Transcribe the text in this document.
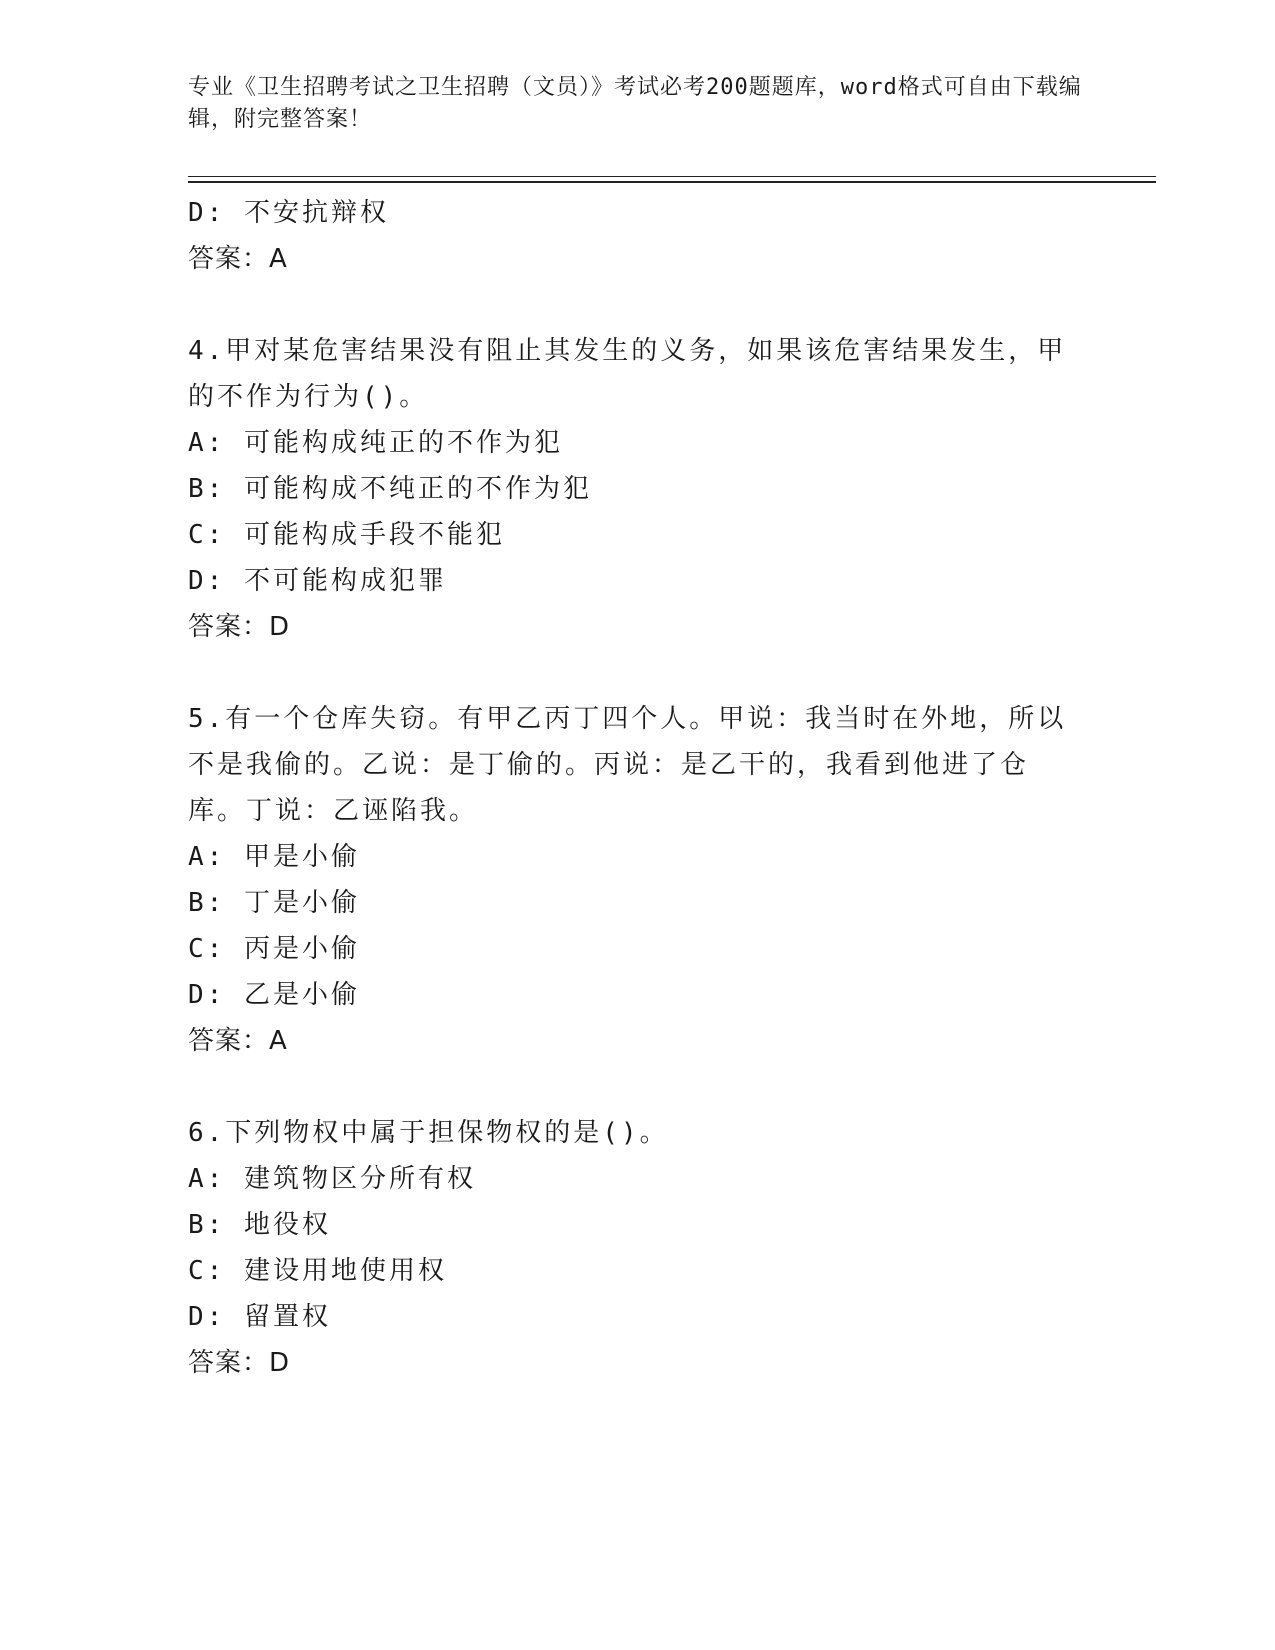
专业《卫生招聘考试之卫生招聘（文员）》考试必考200题题库，word格式可自由下载编辑，附完整答案！
D: 不安抗辩权
答案：A
4.甲对某危害结果没有阻止其发生的义务，如果该危害结果发生，甲的不作为行为()。
A: 可能构成纯正的不作为犯
B: 可能构成不纯正的不作为犯
C: 可能构成手段不能犯
D: 不可能构成犯罪
答案：D
5.有一个仓库失窃。有甲乙丙丁四个人。甲说：我当时在外地，所以不是我偷的。乙说：是丁偷的。丙说：是乙干的，我看到他进了仓库。丁说：乙诬陷我。
A: 甲是小偷
B: 丁是小偷
C: 丙是小偷
D: 乙是小偷
答案：A
6.下列物权中属于担保物权的是()。
A: 建筑物区分所有权
B: 地役权
C: 建设用地使用权
D: 留置权
答案：D
